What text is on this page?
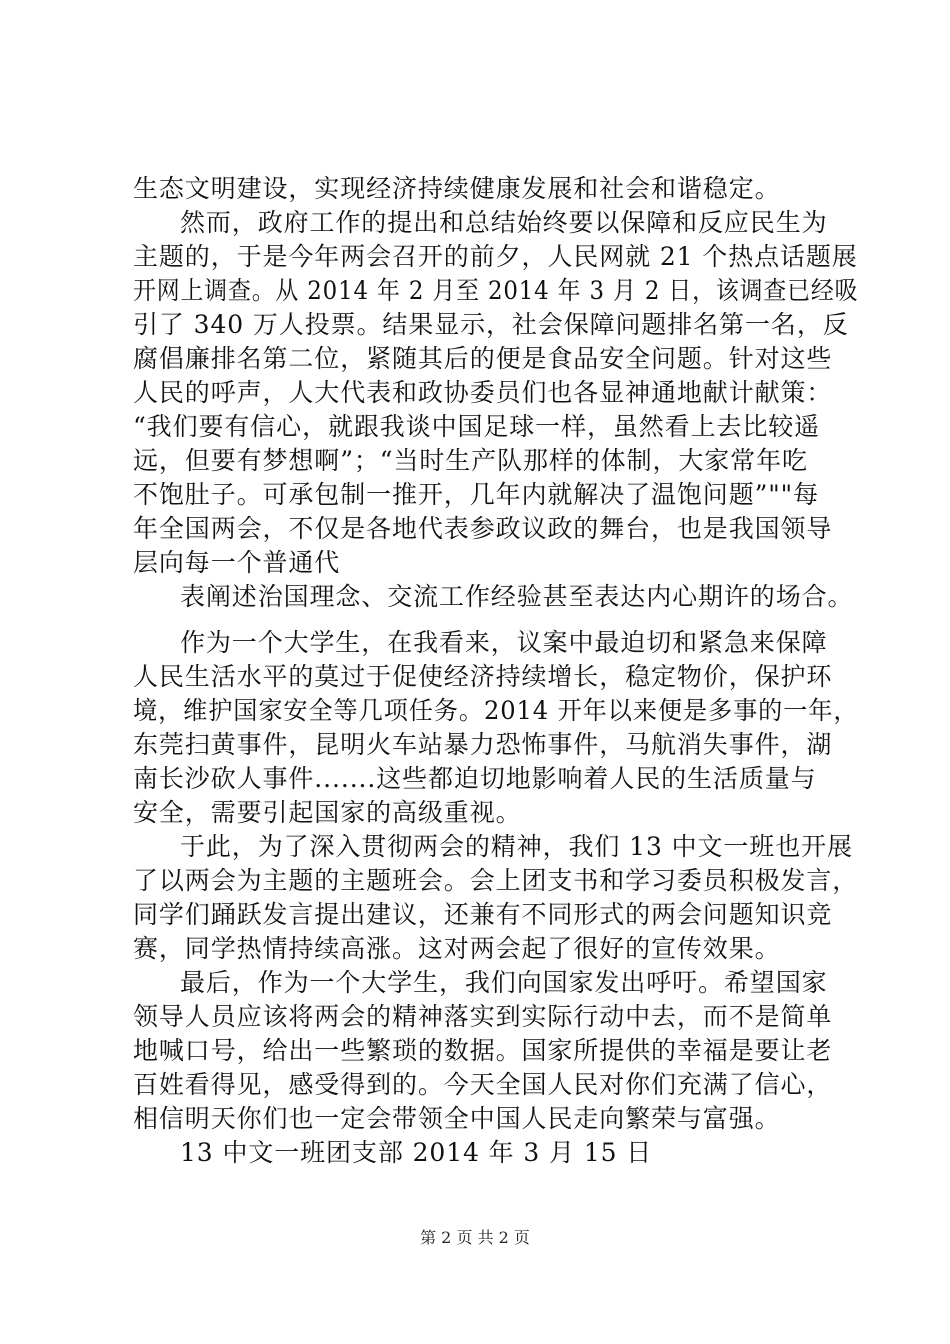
生态文明建设，实现经济持续健康发展和社会和谐稳定。
然而，政府工作的提出和总结始终要以保障和反应民生为
主题的，于是今年两会召开的前夕，人民网就 21 个热点话题展
开网上调查。从 2014 年 2 月至 2014 年 3 月 2 日，该调查已经吸
引了 340 万人投票。结果显示，社会保障问题排名第一名，反
腐倡廉排名第二位，紧随其后的便是食品安全问题。针对这些
人民的呼声，人大代表和政协委员们也各显神通地献计献策：
“我们要有信心，就跟我谈中国足球一样，虽然看上去比较遥
远，但要有梦想啊”；“当时生产队那样的体制，大家常年吃
不饱肚子。可承包制一推开，几年内就解决了温饱问题”""每
年全国两会，不仅是各地代表参政议政的舞台，也是我国领导
层向每一个普通代
表阐述治国理念、交流工作经验甚至表达内心期许的场合。
作为一个大学生，在我看来，议案中最迫切和紧急来保障
人民生活水平的莫过于促使经济持续增长，稳定物价，保护环
境，维护国家安全等几项任务。2014 开年以来便是多事的一年，
东莞扫黄事件，昆明火车站暴力恐怖事件，马航消失事件，湖
南长沙砍人事件.......这些都迫切地影响着人民的生活质量与
安全，需要引起国家的高级重视。
于此，为了深入贯彻两会的精神，我们 13 中文一班也开展
了以两会为主题的主题班会。会上团支书和学习委员积极发言，
同学们踊跃发言提出建议，还兼有不同形式的两会问题知识竞
赛，同学热情持续高涨。这对两会起了很好的宣传效果。
最后，作为一个大学生，我们向国家发出呼吁。希望国家
领导人员应该将两会的精神落实到实际行动中去，而不是简单
地喊口号，给出一些繁琐的数据。国家所提供的幸福是要让老
百姓看得见，感受得到的。今天全国人民对你们充满了信心，
相信明天你们也一定会带领全中国人民走向繁荣与富强。
13 中文一班团支部 2014 年 3 月 15 日
第 2 页 共 2 页
